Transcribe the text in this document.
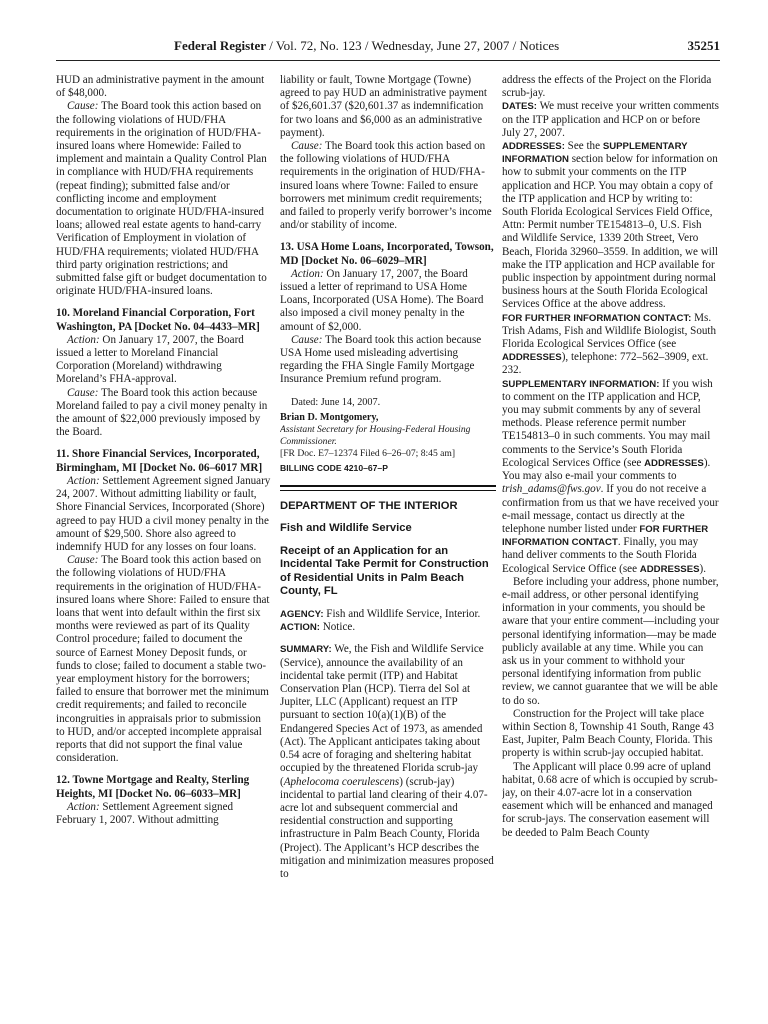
Federal Register / Vol. 72, No. 123 / Wednesday, June 27, 2007 / Notices	35251

HUD an administrative payment in the amount of $48,000.

Cause: The Board took this action based on the following violations of HUD/FHA requirements in the origination of HUD/FHA-insured loans where Homewide: Failed to implement and maintain a Quality Control Plan in compliance with HUD/FHA requirements (repeat finding); submitted false and/or conflicting income and employment documentation to originate HUD/FHA-insured loans; allowed real estate agents to hand-carry Verification of Employment in violation of HUD/FHA requirements; violated HUD/FHA third party origination restrictions; and submitted false gift or budget documentation to originate HUD/FHA-insured loans.

10. Moreland Financial Corporation, Fort Washington, PA [Docket No. 04–4433–MR]

Action: On January 17, 2007, the Board issued a letter to Moreland Financial Corporation (Moreland) withdrawing Moreland’s FHA-approval.

Cause: The Board took this action because Moreland failed to pay a civil money penalty in the amount of $22,000 previously imposed by the Board.

11. Shore Financial Services, Incorporated, Birmingham, MI [Docket No. 06–6017 MR]

Action: Settlement Agreement signed January 24, 2007. Without admitting liability or fault, Shore Financial Services, Incorporated (Shore) agreed to pay HUD a civil money penalty in the amount of $29,500. Shore also agreed to indemnify HUD for any losses on four loans.

Cause: The Board took this action based on the following violations of HUD/FHA requirements in the origination of HUD/FHA-insured loans where Shore: Failed to ensure that loans that went into default within the first six months were reviewed as part of its Quality Control procedure; failed to document the source of Earnest Money Deposit funds, or funds to close; failed to document a stable two-year employment history for the borrowers; failed to ensure that borrower met the minimum credit requirements; and failed to reconcile incongruities in appraisals prior to submission to HUD, and/or accepted incomplete appraisal reports that did not support the final value consideration.

12. Towne Mortgage and Realty, Sterling Heights, MI [Docket No. 06–6033–MR]

Action: Settlement Agreement signed February 1, 2007. Without admitting

liability or fault, Towne Mortgage (Towne) agreed to pay HUD an administrative payment of $26,601.37 ($20,601.37 as indemnification for two loans and $6,000 as an administrative payment).

Cause: The Board took this action based on the following violations of HUD/FHA requirements in the origination of HUD/FHA-insured loans where Towne: Failed to ensure borrowers met minimum credit requirements; and failed to properly verify borrower’s income and/or stability of income.

13. USA Home Loans, Incorporated, Towson, MD [Docket No. 06–6029–MR]

Action: On January 17, 2007, the Board issued a letter of reprimand to USA Home Loans, Incorporated (USA Home). The Board also imposed a civil money penalty in the amount of $2,000.

Cause: The Board took this action because USA Home used misleading advertising regarding the FHA Single Family Mortgage Insurance Premium refund program.

Dated: June 14, 2007.

Brian D. Montgomery,

Assistant Secretary for Housing-Federal Housing Commissioner.

[FR Doc. E7–12374 Filed 6–26–07; 8:45 am]

BILLING CODE 4210–67–P

DEPARTMENT OF THE INTERIOR

Fish and Wildlife Service

Receipt of an Application for an Incidental Take Permit for Construction of Residential Units in Palm Beach County, FL

AGENCY: Fish and Wildlife Service, Interior.

ACTION: Notice.

SUMMARY: We, the Fish and Wildlife Service (Service), announce the availability of an incidental take permit (ITP) and Habitat Conservation Plan (HCP). Tierra del Sol at Jupiter, LLC (Applicant) request an ITP pursuant to section 10(a)(1)(B) of the Endangered Species Act of 1973, as amended (Act). The Applicant anticipates taking about 0.54 acre of foraging and sheltering habitat occupied by the threatened Florida scrub-jay (Aphelocoma coerulescens) (scrub-jay) incidental to partial land clearing of their 4.07-acre lot and subsequent commercial and residential construction and supporting infrastructure in Palm Beach County, Florida (Project). The Applicant’s HCP describes the mitigation and minimization measures proposed to

address the effects of the Project on the Florida scrub-jay.

DATES: We must receive your written comments on the ITP application and HCP on or before July 27, 2007.

ADDRESSES: See the SUPPLEMENTARY INFORMATION section below for information on how to submit your comments on the ITP application and HCP. You may obtain a copy of the ITP application and HCP by writing to: South Florida Ecological Services Field Office, Attn: Permit number TE154813–0, U.S. Fish and Wildlife Service, 1339 20th Street, Vero Beach, Florida 32960–3559. In addition, we will make the ITP application and HCP available for public inspection by appointment during normal business hours at the South Florida Ecological Services Office at the above address.

FOR FURTHER INFORMATION CONTACT: Ms. Trish Adams, Fish and Wildlife Biologist, South Florida Ecological Services Office (see ADDRESSES), telephone: 772–562–3909, ext. 232.

SUPPLEMENTARY INFORMATION: If you wish to comment on the ITP application and HCP, you may submit comments by any of several methods. Please reference permit number TE154813–0 in such comments. You may mail comments to the Service’s South Florida Ecological Services Office (see ADDRESSES). You may also e-mail your comments to trish_adams@fws.gov. If you do not receive a confirmation from us that we have received your e-mail message, contact us directly at the telephone number listed under FOR FURTHER INFORMATION CONTACT. Finally, you may hand deliver comments to the South Florida Ecological Service Office (see ADDRESSES).

Before including your address, phone number, e-mail address, or other personal identifying information in your comments, you should be aware that your entire comment—including your personal identifying information—may be made publicly available at any time. While you can ask us in your comment to withhold your personal identifying information from public review, we cannot guarantee that we will be able to do so.

Construction for the Project will take place within Section 8, Township 41 South, Range 43 East, Jupiter, Palm Beach County, Florida. This property is within scrub-jay occupied habitat.

The Applicant will place 0.99 acre of upland habitat, 0.68 acre of which is occupied by scrub-jay, on their 4.07-acre lot in a conservation easement which will be enhanced and managed for scrub-jays. The conservation easement will be deeded to Palm Beach County
